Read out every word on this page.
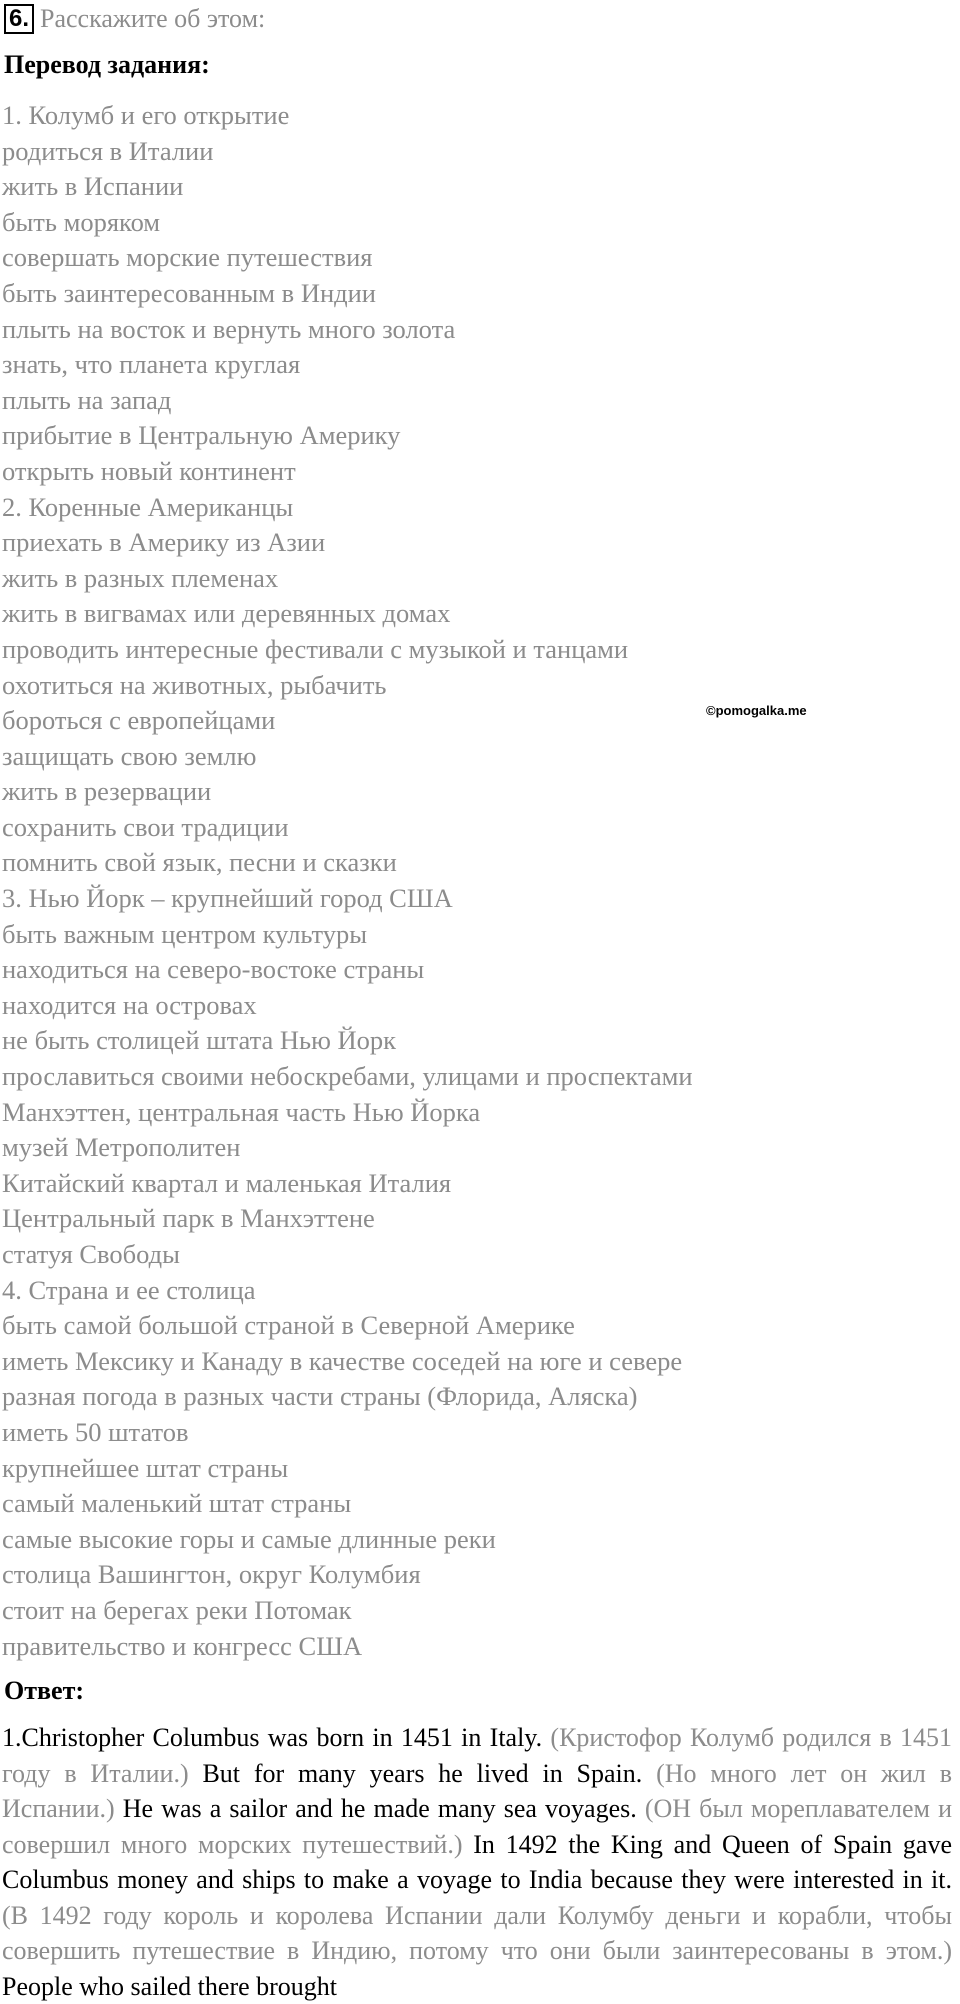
6. Расскажите об этом:
Перевод задания:
1. Колумб и его открытие
родиться в Италии
жить в Испании
быть моряком
совершать морские путешествия
быть заинтересованным в Индии
плыть на восток и вернуть много золота
знать, что планета круглая
плыть на запад
прибытие в Центральную Америку
открыть новый континент
2. Коренные Американцы
приехать в Америку из Азии
жить в разных племенах
жить в вигвамах или деревянных домах
проводить интересные фестивали с музыкой и танцами
охотиться на животных, рыбачить
бороться с европейцами
защищать свою землю
жить в резервации
сохранить свои традиции
помнить свой язык, песни и сказки
3. Нью Йорк – крупнейший город США
быть важным центром культуры
находиться на северо-востоке страны
находится на островах
не быть столицей штата Нью Йорк
прославиться своими небоскребами, улицами и проспектами
Манхэттен, центральная часть Нью Йорка
музей Метрополитен
Китайский квартал и маленькая Италия
Центральный парк в Манхэттене
статуя Свободы
4. Страна и ее столица
быть самой большой страной в Северной Америке
иметь Мексику и Канаду в качестве соседей на юге и севере
разная погода в разных части страны (Флорида, Аляска)
иметь 50 штатов
крупнейшее штат страны
самый маленький штат страны
самые высокие горы и самые длинные реки
столица Вашингтон, округ Колумбия
стоит на берегах реки Потомак
правительство и конгресс США
©pomogalka.me
Ответ:

1.Christopher Columbus was born in 1451 in Italy. (Кристофор Колумб родился в 1451 году в Италии.) But for many years he lived in Spain. (Но много лет он жил в Испании.) He was a sailor and he made many sea voyages. (ОН был мореплавателем и совершил много морских путешествий.) In 1492 the King and Queen of Spain gave Columbus money and ships to make a voyage to India because they were interested in it. (В 1492 году король и королева Испании дали Колумбу деньги и корабли, чтобы совершить путешествие в Индию, потому что они были заинтересованы в этом.) People who sailed there brought
